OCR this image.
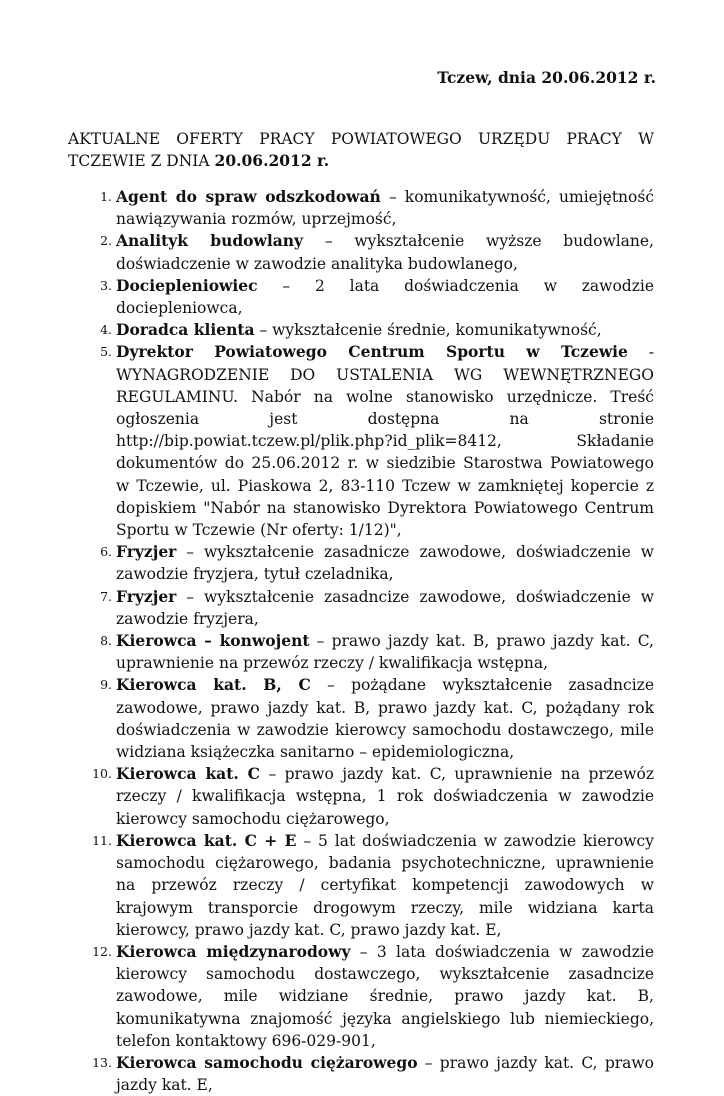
Tczew, dnia 20.06.2012 r.
AKTUALNE OFERTY PRACY POWIATOWEGO URZĘDU PRACY W
TCZEWIE Z DNIA 20.06.2012 r.
1. Agent do spraw odszkodowań – komunikatywność, umiejętność nawiązywania rozmów, uprzejmość,
2. Analityk budowlany – wykształcenie wyższe budowlane, doświadczenie w zawodzie analityka budowlanego,
3. Docieplеniowiec – 2 lata doświadczenia w zawodzie dociepleniowca,
4. Doradca klienta – wykształcenie średnie, komunikatywność,
5. Dyrektor Powiatowego Centrum Sportu w Tczewie - WYNAGRODZENIE DO USTALENIA WG WEWNĘTRZNEGO REGULAMINU. Nabór na wolne stanowisko urzędnicze. Treść ogłoszenia jest dostępna na stronie http://bip.powiat.tczew.pl/plik.php?id_plik=8412, Składanie dokumentów do 25.06.2012 r. w siedzibie Starostwa Powiatowego w Tczewie, ul. Piaskowa 2, 83-110 Tczew w zamkniętej kopercie z dopiskiem "Nabór na stanowisko Dyrektora Powiatowego Centrum Sportu w Tczewie (Nr oferty: 1/12)",
6. Fryzjer – wykształcenie zasadnicze zawodowe, doświadczenie w zawodzie fryzjera, tytuł czeladnika,
7. Fryzjer – wykształcenie zasadncize zawodowe, doświadczenie w zawodzie fryzjera,
8. Kierowca – konwojent – prawo jazdy kat. B, prawo jazdy kat. C, uprawnienie na przewóz rzeczy / kwalifikacja wstępna,
9. Kierowca kat. B, C – pożądane wykształcenie zasadncize zawodowe, prawo jazdy kat. B, prawo jazdy kat. C, pożądany rok doświadczenia w zawodzie kierowcy samochodu dostawczego, mile widziana książeczka sanitarno – epidemiologiczna,
10. Kierowca kat. C – prawo jazdy kat. C, uprawnienie na przewóz rzeczy / kwalifikacja wstępna, 1 rok doświadczenia w zawodzie kierowcy samochodu ciężarowego,
11. Kierowca kat. C + E – 5 lat doświadczenia w zawodzie kierowcy samochodu ciężarowego, badania psychotechniczne, uprawnienie na przewóz rzeczy / certyfikat kompetencji zawodowych w krajowym transporcie drogowym rzeczy, mile widziana karta kierowcy, prawo jazdy kat. C, prawo jazdy kat. E,
12. Kierowca międzynarodowy – 3 lata doświadczenia w zawodzie kierowcy samochodu dostawczego, wykształcenie zasadncize zawodowe, mile widziane średnie, prawo jazdy kat. B, komunikatywna znajomość języka angielskiego lub niemieckiego, telefon kontaktowy 696-029-901,
13. Kierowca samochodu ciężarowego – prawo jazdy kat. C, prawo jazdy kat. E,
